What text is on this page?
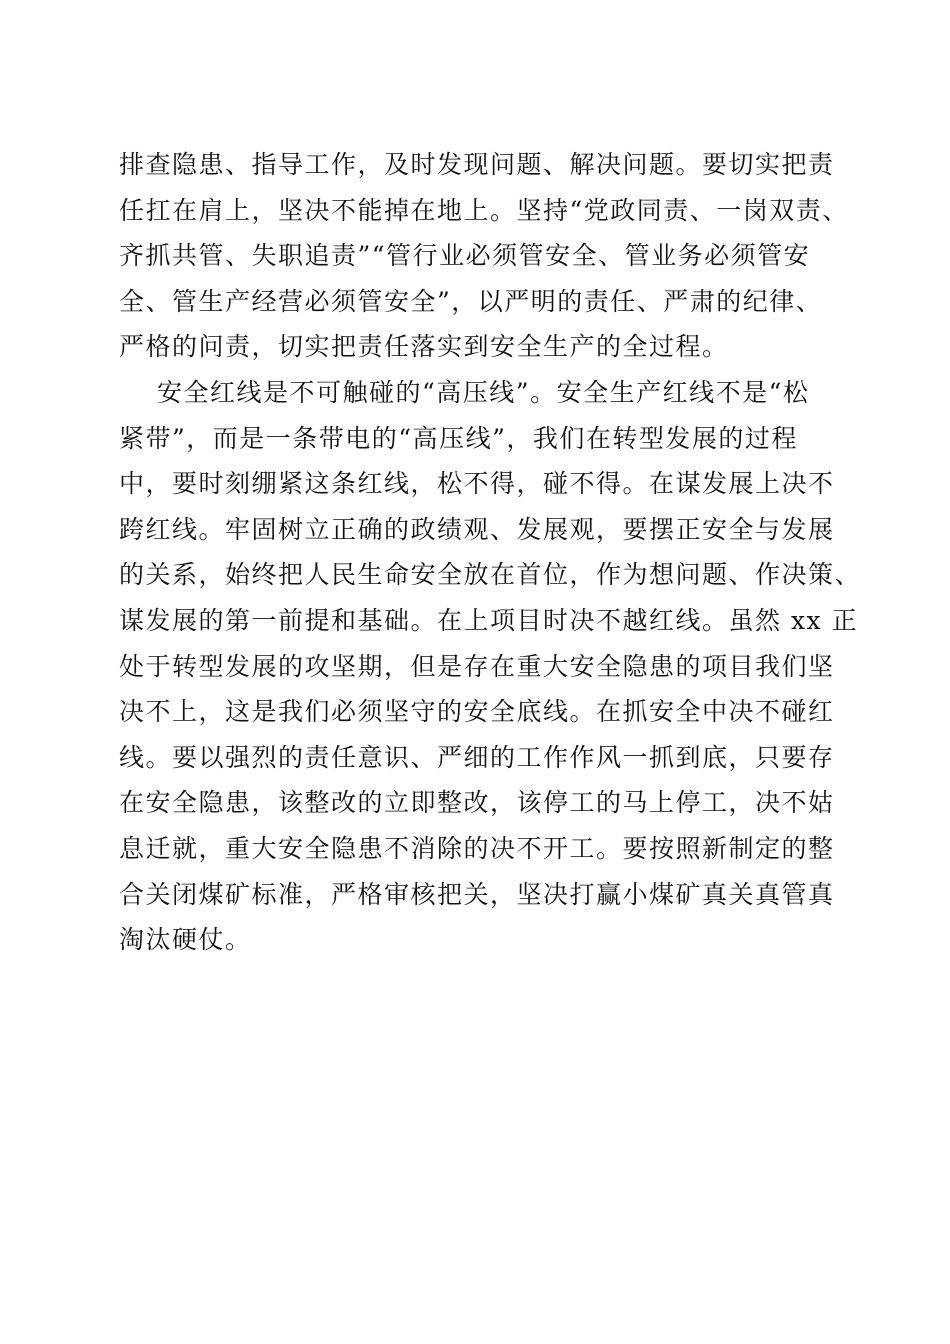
排查隐患、指导工作，及时发现问题、解决问题。要切实把责
任扛在肩上，坚决不能掉在地上。坚持“党政同责、一岗双责、
齐抓共管、失职追责”“管行业必须管安全、管业务必须管安
全、管生产经营必须管安全”，以严明的责任、严肃的纪律、
严格的问责，切实把责任落实到安全生产的全过程。
安全红线是不可触碰的“高压线”。安全生产红线不是“松
紧带”，而是一条带电的“高压线”，我们在转型发展的过程
中，要时刻绷紧这条红线，松不得，碰不得。在谋发展上决不
跨红线。牢固树立正确的政绩观、发展观，要摆正安全与发展
的关系，始终把人民生命安全放在首位，作为想问题、作决策、
谋发展的第一前提和基础。在上项目时决不越红线。虽然 xx 正
处于转型发展的攻坚期，但是存在重大安全隐患的项目我们坚
决不上，这是我们必须坚守的安全底线。在抓安全中决不碰红
线。要以强烈的责任意识、严细的工作作风一抓到底，只要存
在安全隐患，该整改的立即整改，该停工的马上停工，决不姑
息迁就，重大安全隐患不消除的决不开工。要按照新制定的整
合关闭煤矿标准，严格审核把关，坚决打赢小煤矿真关真管真
淘汰硬仗。
